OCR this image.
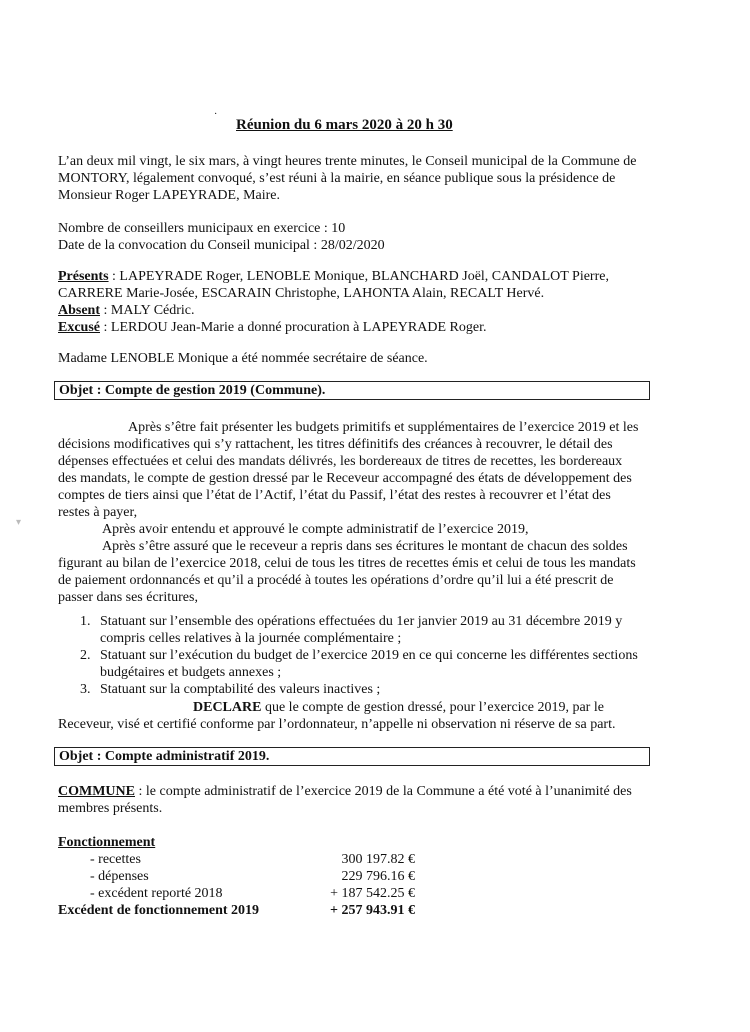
·
Réunion du 6 mars 2020 à 20 h 30
L’an deux mil vingt, le six mars, à vingt heures trente minutes, le Conseil municipal de la Commune de
MONTORY, légalement convoqué, s’est réuni à la mairie, en séance publique sous la présidence de
Monsieur Roger LAPEYRADE, Maire.
Nombre de conseillers municipaux en exercice : 10
Date de la convocation du Conseil municipal : 28/02/2020
Présents : LAPEYRADE Roger, LENOBLE Monique, BLANCHARD Joël, CANDALOT Pierre,
CARRERE Marie-Josée, ESCARAIN Christophe, LAHONTA Alain, RECALT Hervé.
Absent : MALY Cédric.
Excusé : LERDOU Jean-Marie a donné procuration à LAPEYRADE Roger.
Madame LENOBLE Monique a été nommée secrétaire de séance.
Objet : Compte de gestion 2019 (Commune).
Après s’être fait présenter les budgets primitifs et supplémentaires de l’exercice 2019 et les
décisions modificatives qui s’y rattachent, les titres définitifs des créances à recouvrer, le détail des
dépenses effectuées et celui des mandats délivrés, les bordereaux de titres de recettes, les bordereaux
des mandats, le compte de gestion dressé par le Receveur accompagné des états de développement des
comptes de tiers ainsi que l’état de l’Actif, l’état du Passif, l’état des restes à recouvrer et l’état des
restes à payer,
Après avoir entendu et approuvé le compte administratif de l’exercice 2019,
Après s’être assuré que le receveur a repris dans ses écritures le montant de chacun des soldes
figurant au bilan de l’exercice 2018, celui de tous les titres de recettes émis et celui de tous les mandats
de paiement ordonnancés et qu’il a procédé à toutes les opérations d’ordre qu’il lui a été prescrit de
passer dans ses écritures,
1. Statuant sur l’ensemble des opérations effectuées du 1er janvier 2019 au 31 décembre 2019 y
compris celles relatives à la journée complémentaire ;
2. Statuant sur l’exécution du budget de l’exercice 2019 en ce qui concerne les différentes sections
budgétaires et budgets annexes ;
3. Statuant sur la comptabilité des valeurs inactives ;
DECLARE que le compte de gestion dressé, pour l’exercice 2019, par le
Receveur, visé et certifié conforme par l’ordonnateur, n’appelle ni observation ni réserve de sa part.
Objet : Compte administratif 2019.
COMMUNE : le compte administratif de l’exercice 2019 de la Commune a été voté à l’unanimité des
membres présents.
Fonctionnement
- recettes	300 197.82 €
- dépenses	229 796.16 €
- excédent reporté 2018	+ 187 542.25 €
Excédent de fonctionnement 2019	+ 257 943.91 €
▾
